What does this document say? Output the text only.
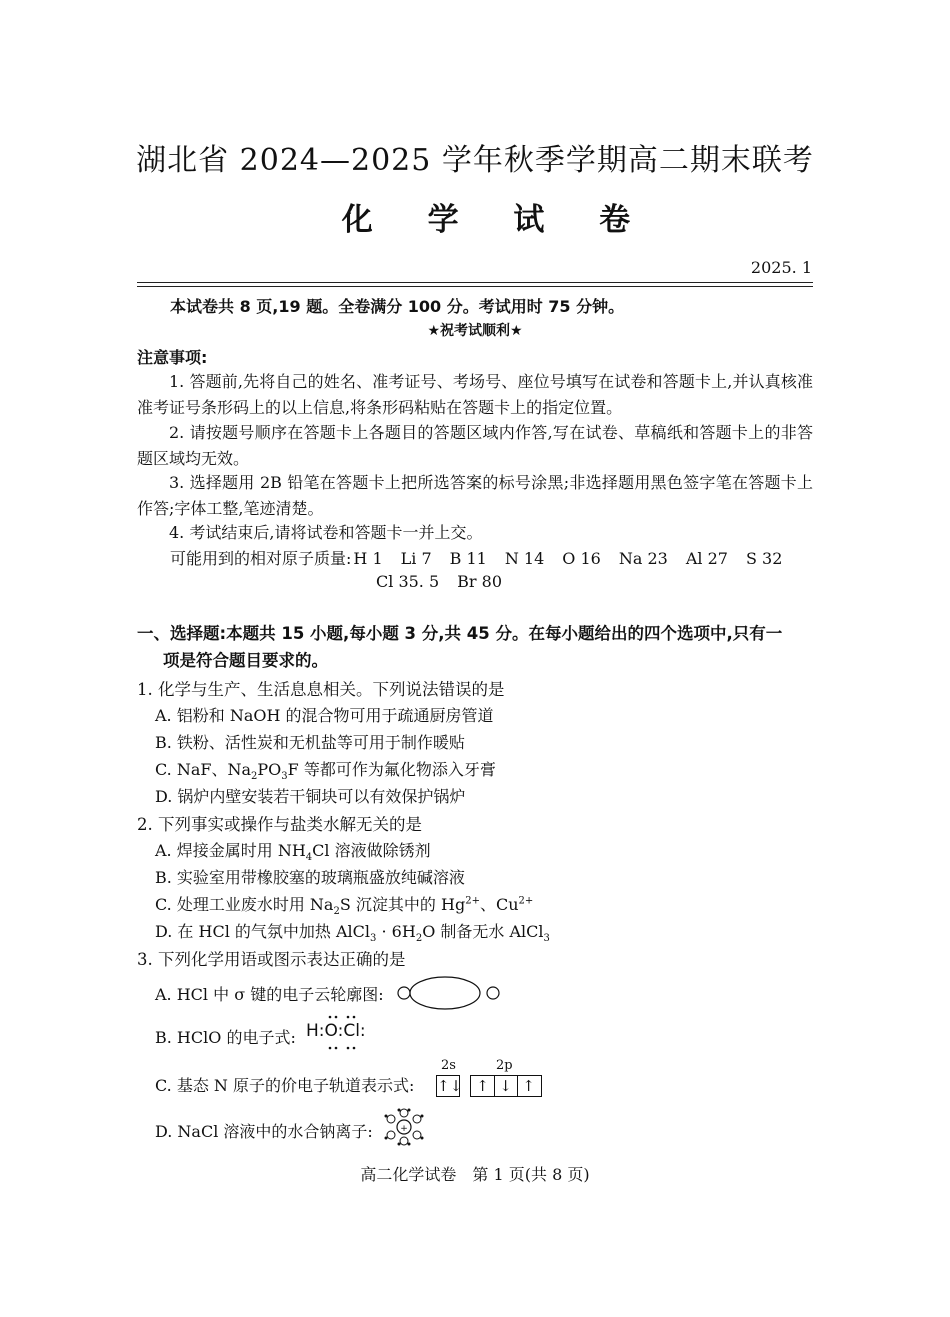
湖北省 2024—2025 学年秋季学期高二期末联考
化 学 试 卷
2025. 1
本试卷共 8 页,19 题。全卷满分 100 分。考试用时 75 分钟。
★祝考试顺利★
注意事项:
1. 答题前,先将自己的姓名、准考证号、考场号、座位号填写在试卷和答题卡上,并认真核准准考证号条形码上的以上信息,将条形码粘贴在答题卡上的指定位置。
2. 请按题号顺序在答题卡上各题目的答题区域内作答,写在试卷、草稿纸和答题卡上的非答题区域均无效。
3. 选择题用 2B 铅笔在答题卡上把所选答案的标号涂黑;非选择题用黑色签字笔在答题卡上作答;字体工整,笔迹清楚。
4. 考试结束后,请将试卷和答题卡一并上交。
可能用到的相对原子质量: H 1 Li 7 B 11 N 14 O 16 Na 23 Al 27 S 32
Cl 35. 5 Br 80
一、选择题:本题共 15 小题,每小题 3 分,共 45 分。在每小题给出的四个选项中,只有一
项是符合题目要求的。
1. 化学与生产、生活息息相关。下列说法错误的是
A. 铝粉和 NaOH 的混合物可用于疏通厨房管道
B. 铁粉、活性炭和无机盐等可用于制作暖贴
C. NaF、$Na_2PO_3F$ 等都可作为氟化物添入牙膏
D. 锅炉内壁安装若干铜块可以有效保护锅炉
2. 下列事实或操作与盐类水解无关的是
A. 焊接金属时用 $NH_4Cl$ 溶液做除锈剂
B. 实验室用带橡胶塞的玻璃瓶盛放纯碱溶液
C. 处理工业废水时用 $Na_2S$ 沉淀其中的 $Hg^{2+}$、$Cu^{2+}$
D. 在 HCl 的气氛中加热 AlCl$_3$ · $6H_2O$ 制备无水 AlCl$_3$
3. 下列化学用语或图示表达正确的是
A. HCl 中 σ 键的电子云轮廓图:
B. HClO 的电子式: H:O:Cl:
C. 基态 N 原子的价电子轨道表示式:
2s	2p
↑↓ ↑ ↓ ↑
D. NaCl 溶液中的水合钠离子:	+
高二化学试卷　第 1 页(共 8 页)
